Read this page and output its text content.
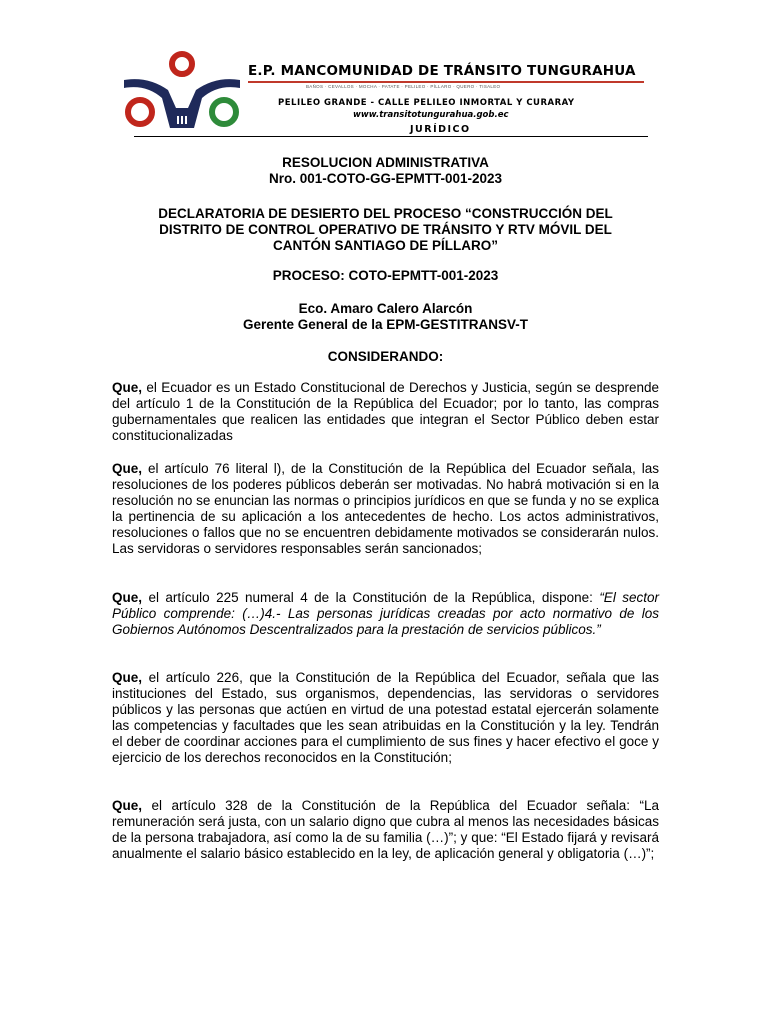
E.P. MANCOMUNIDAD DE TRÁNSITO TUNGURAHUA
BAÑOS · CEVALLOS · MOCHA · PATATE · PELILEO · PÍLLARO · QUERO · TISALEO
PELILEO GRANDE - CALLE PELILEO INMORTAL Y CURARAY
www.transitotungurahua.gob.ec
JURÍDICO
RESOLUCION ADMINISTRATIVA
Nro. 001-COTO-GG-EPMTT-001-2023
DECLARATORIA DE DESIERTO DEL PROCESO “CONSTRUCCIÓN DEL
DISTRITO DE CONTROL OPERATIVO DE TRÁNSITO Y RTV MÓVIL DEL
CANTÓN SANTIAGO DE PÍLLARO”
PROCESO: COTO-EPMTT-001-2023
Eco. Amaro Calero Alarcón
Gerente General de la EPM-GESTITRANSV-T
CONSIDERANDO:
Que, el Ecuador es un Estado Constitucional de Derechos y Justicia, según se desprende del artículo 1 de la Constitución de la República del Ecuador; por lo tanto, las compras gubernamentales que realicen las entidades que integran el Sector Público deben estar constitucionalizadas
Que, el artículo 76 literal l), de la Constitución de la República del Ecuador señala, las resoluciones de los poderes públicos deberán ser motivadas. No habrá motivación si en la resolución no se enuncian las normas o principios jurídicos en que se funda y no se explica la pertinencia de su aplicación a los antecedentes de hecho. Los actos administrativos, resoluciones o fallos que no se encuentren debidamente motivados se considerarán nulos. Las servidoras o servidores responsables serán sancionados;
Que, el artículo 225 numeral 4 de la Constitución de la República, dispone: “El sector Público comprende: (…)4.- Las personas jurídicas creadas por acto normativo de los Gobiernos Autónomos Descentralizados para la prestación de servicios públicos.”
Que, el artículo 226, que la Constitución de la República del Ecuador, señala que las instituciones del Estado, sus organismos, dependencias, las servidoras o servidores públicos y las personas que actúen en virtud de una potestad estatal ejercerán solamente las competencias y facultades que les sean atribuidas en la Constitución y la ley. Tendrán el deber de coordinar acciones para el cumplimiento de sus fines y hacer efectivo el goce y ejercicio de los derechos reconocidos en la Constitución;
Que, el artículo 328 de la Constitución de la República del Ecuador señala: “La remuneración será justa, con un salario digno que cubra al menos las necesidades básicas de la persona trabajadora, así como la de su familia (…)”; y que: “El Estado fijará y revisará anualmente el salario básico establecido en la ley, de aplicación general y obligatoria (…)”;
